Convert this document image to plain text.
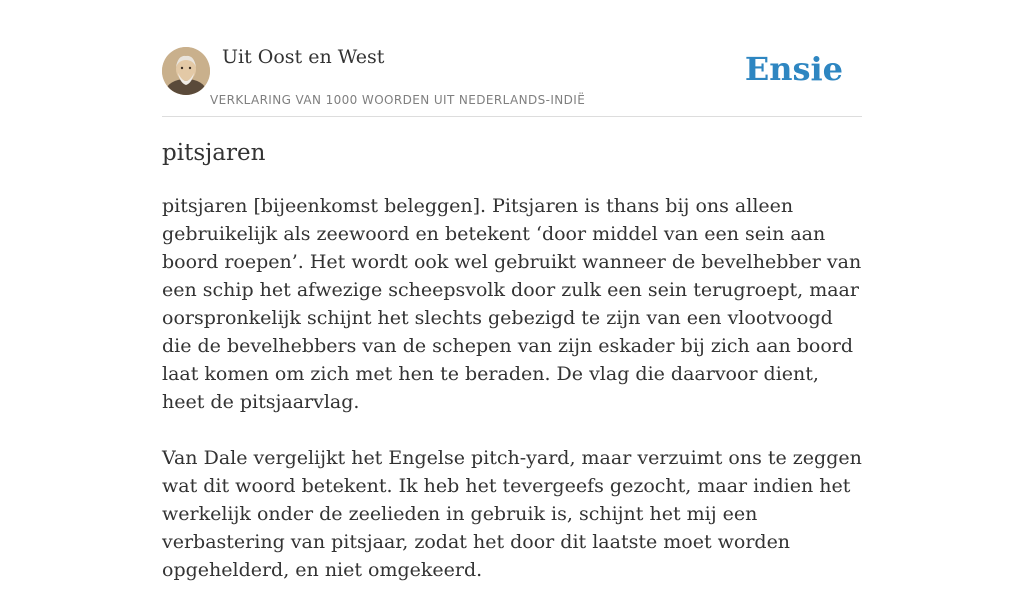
Uit Oost en West
VERKLARING VAN 1000 WOORDEN UIT NEDERLANDS-INDIË
Ensie
pitsjaren

pitsjaren [bijeenkomst beleggen]. Pitsjaren is thans bij ons alleen gebruikelijk als zeewoord en betekent ‘door middel van een sein aan boord roepen’. Het wordt ook wel gebruikt wanneer de bevelhebber van een schip het afwezige scheepsvolk door zulk een sein terugroept, maar oorspronkelijk schijnt het slechts gebezigd te zijn van een vlootvoogd die de bevelhebbers van de schepen van zijn eskader bij zich aan boord laat komen om zich met hen te beraden. De vlag die daarvoor dient, heet de pitsjaarvlag.

Van Dale vergelijkt het Engelse pitch-yard, maar verzuimt ons te zeggen wat dit woord betekent. Ik heb het tevergeefs gezocht, maar indien het werkelijk onder de zeelieden in gebruik is, schijnt het mij een verbastering van pitsjaar, zodat het door dit laatste moet worden opgehelderd, en niet omgekeerd.
